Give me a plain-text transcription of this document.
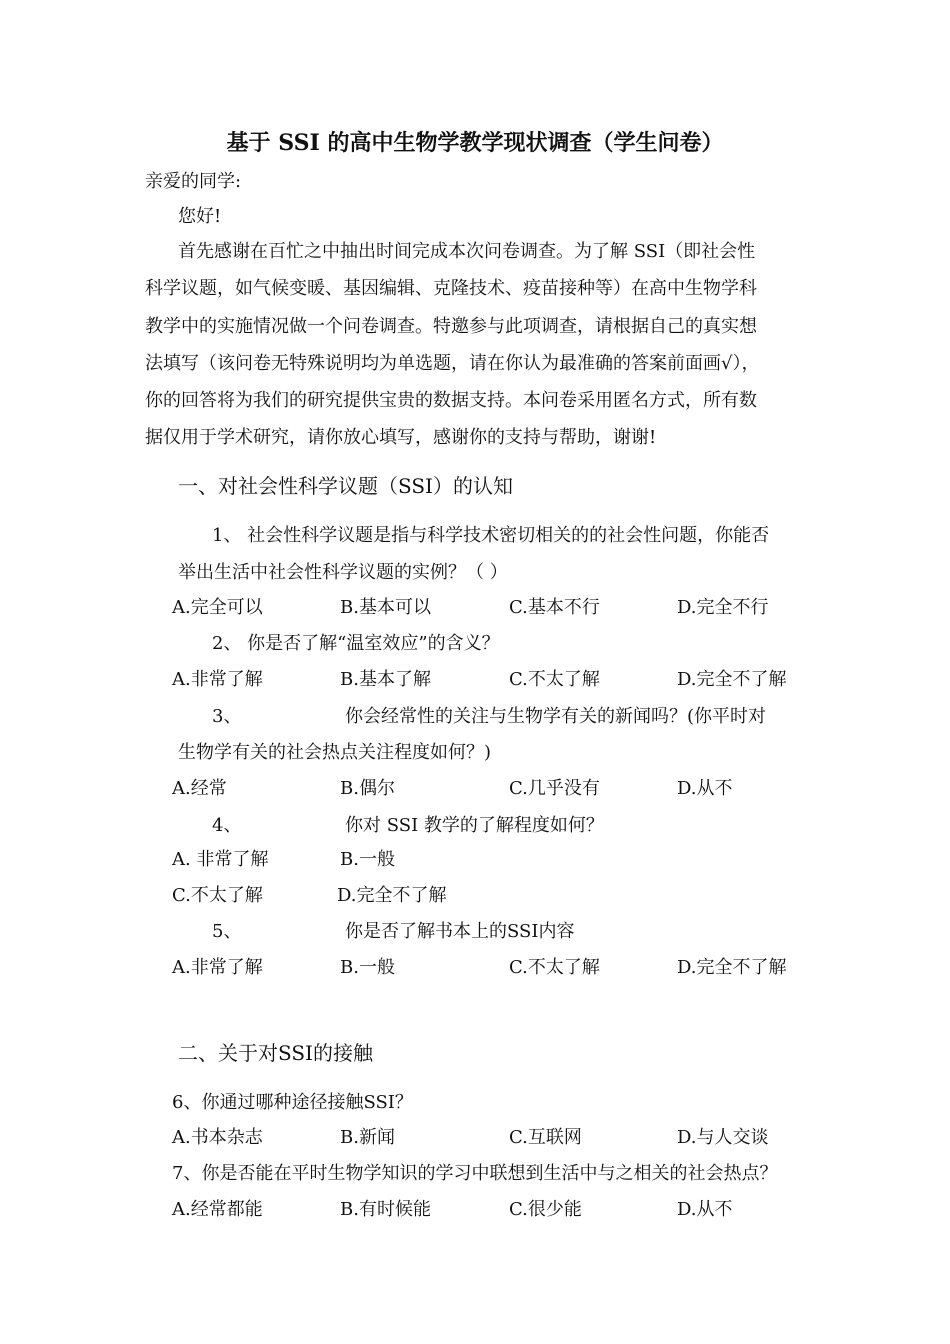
基于 SSI 的高中生物学教学现状调查（学生问卷）
亲爱的同学:
您好!
首先感谢在百忙之中抽出时间完成本次问卷调查。为了解 SSI（即社会性
科学议题，如气候变暖、基因编辑、克隆技术、疫苗接种等）在高中生物学科
教学中的实施情况做一个问卷调查。特邀参与此项调查，请根据自己的真实想
法填写（该问卷无特殊说明均为单选题，请在你认为最准确的答案前面画√），
你的回答将为我们的研究提供宝贵的数据支持。本问卷采用匿名方式，所有数
据仅用于学术研究，请你放心填写，感谢你的支持与帮助，谢谢!
一、对社会性科学议题（SSI）的认知
1、 社会性科学议题是指与科学技术密切相关的的社会性问题，你能否
举出生活中社会性科学议题的实例？（ ）
A.完全可以	B.基本可以	C.基本不行	D.完全不行
2、 你是否了解“温室效应”的含义？
A.非常了解	B.基本了解	C.不太了解	D.完全不了解
3、	你会经常性的关注与生物学有关的新闻吗？(你平时对
生物学有关的社会热点关注程度如何？)
A.经常	B.偶尔	C.几乎没有	D.从不
4、	你对 SSI 教学的了解程度如何？
A. 非常了解	B.一般
C.不太了解	D.完全不了解
5、	你是否了解书本上的SSI内容
A.非常了解	B.一般	C.不太了解	D.完全不了解
二、关于对SSI的接触
6、你通过哪种途径接触SSI？
A.书本杂志	B.新闻	C.互联网	D.与人交谈
7、你是否能在平时生物学知识的学习中联想到生活中与之相关的社会热点？
A.经常都能	B.有时候能	C.很少能	D.从不
